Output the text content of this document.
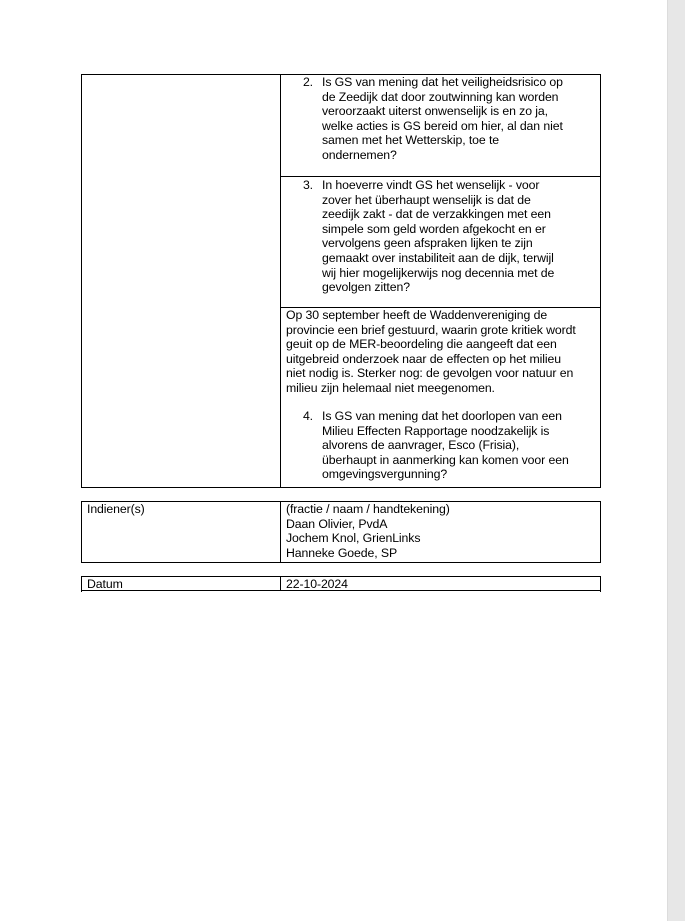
2. Is GS van mening dat het veiligheidsrisico op
de Zeedijk dat door zoutwinning kan worden
veroorzaakt uiterst onwenselijk is en zo ja,
welke acties is GS bereid om hier, al dan niet
samen met het Wetterskip, toe te
ondernemen?
3. In hoeverre vindt GS het wenselijk - voor
zover het überhaupt wenselijk is dat de
zeedijk zakt - dat de verzakkingen met een
simpele som geld worden afgekocht en er
vervolgens geen afspraken lijken te zijn
gemaakt over instabiliteit aan de dijk, terwijl
wij hier mogelijkerwijs nog decennia met de
gevolgen zitten?
Op 30 september heeft de Waddenvereniging de
provincie een brief gestuurd, waarin grote kritiek wordt
geuit op de MER-beoordeling die aangeeft dat een
uitgebreid onderzoek naar de effecten op het milieu
niet nodig is. Sterker nog: de gevolgen voor natuur en
milieu zijn helemaal niet meegenomen.
4. Is GS van mening dat het doorlopen van een
Milieu Effecten Rapportage noodzakelijk is
alvorens de aanvrager, Esco (Frisia),
überhaupt in aanmerking kan komen voor een
omgevingsvergunning?
Indiener(s)	(fractie / naam / handtekening)
Daan Olivier, PvdA
Jochem Knol, GrienLinks
Hanneke Goede, SP
Datum	22-10-2024
